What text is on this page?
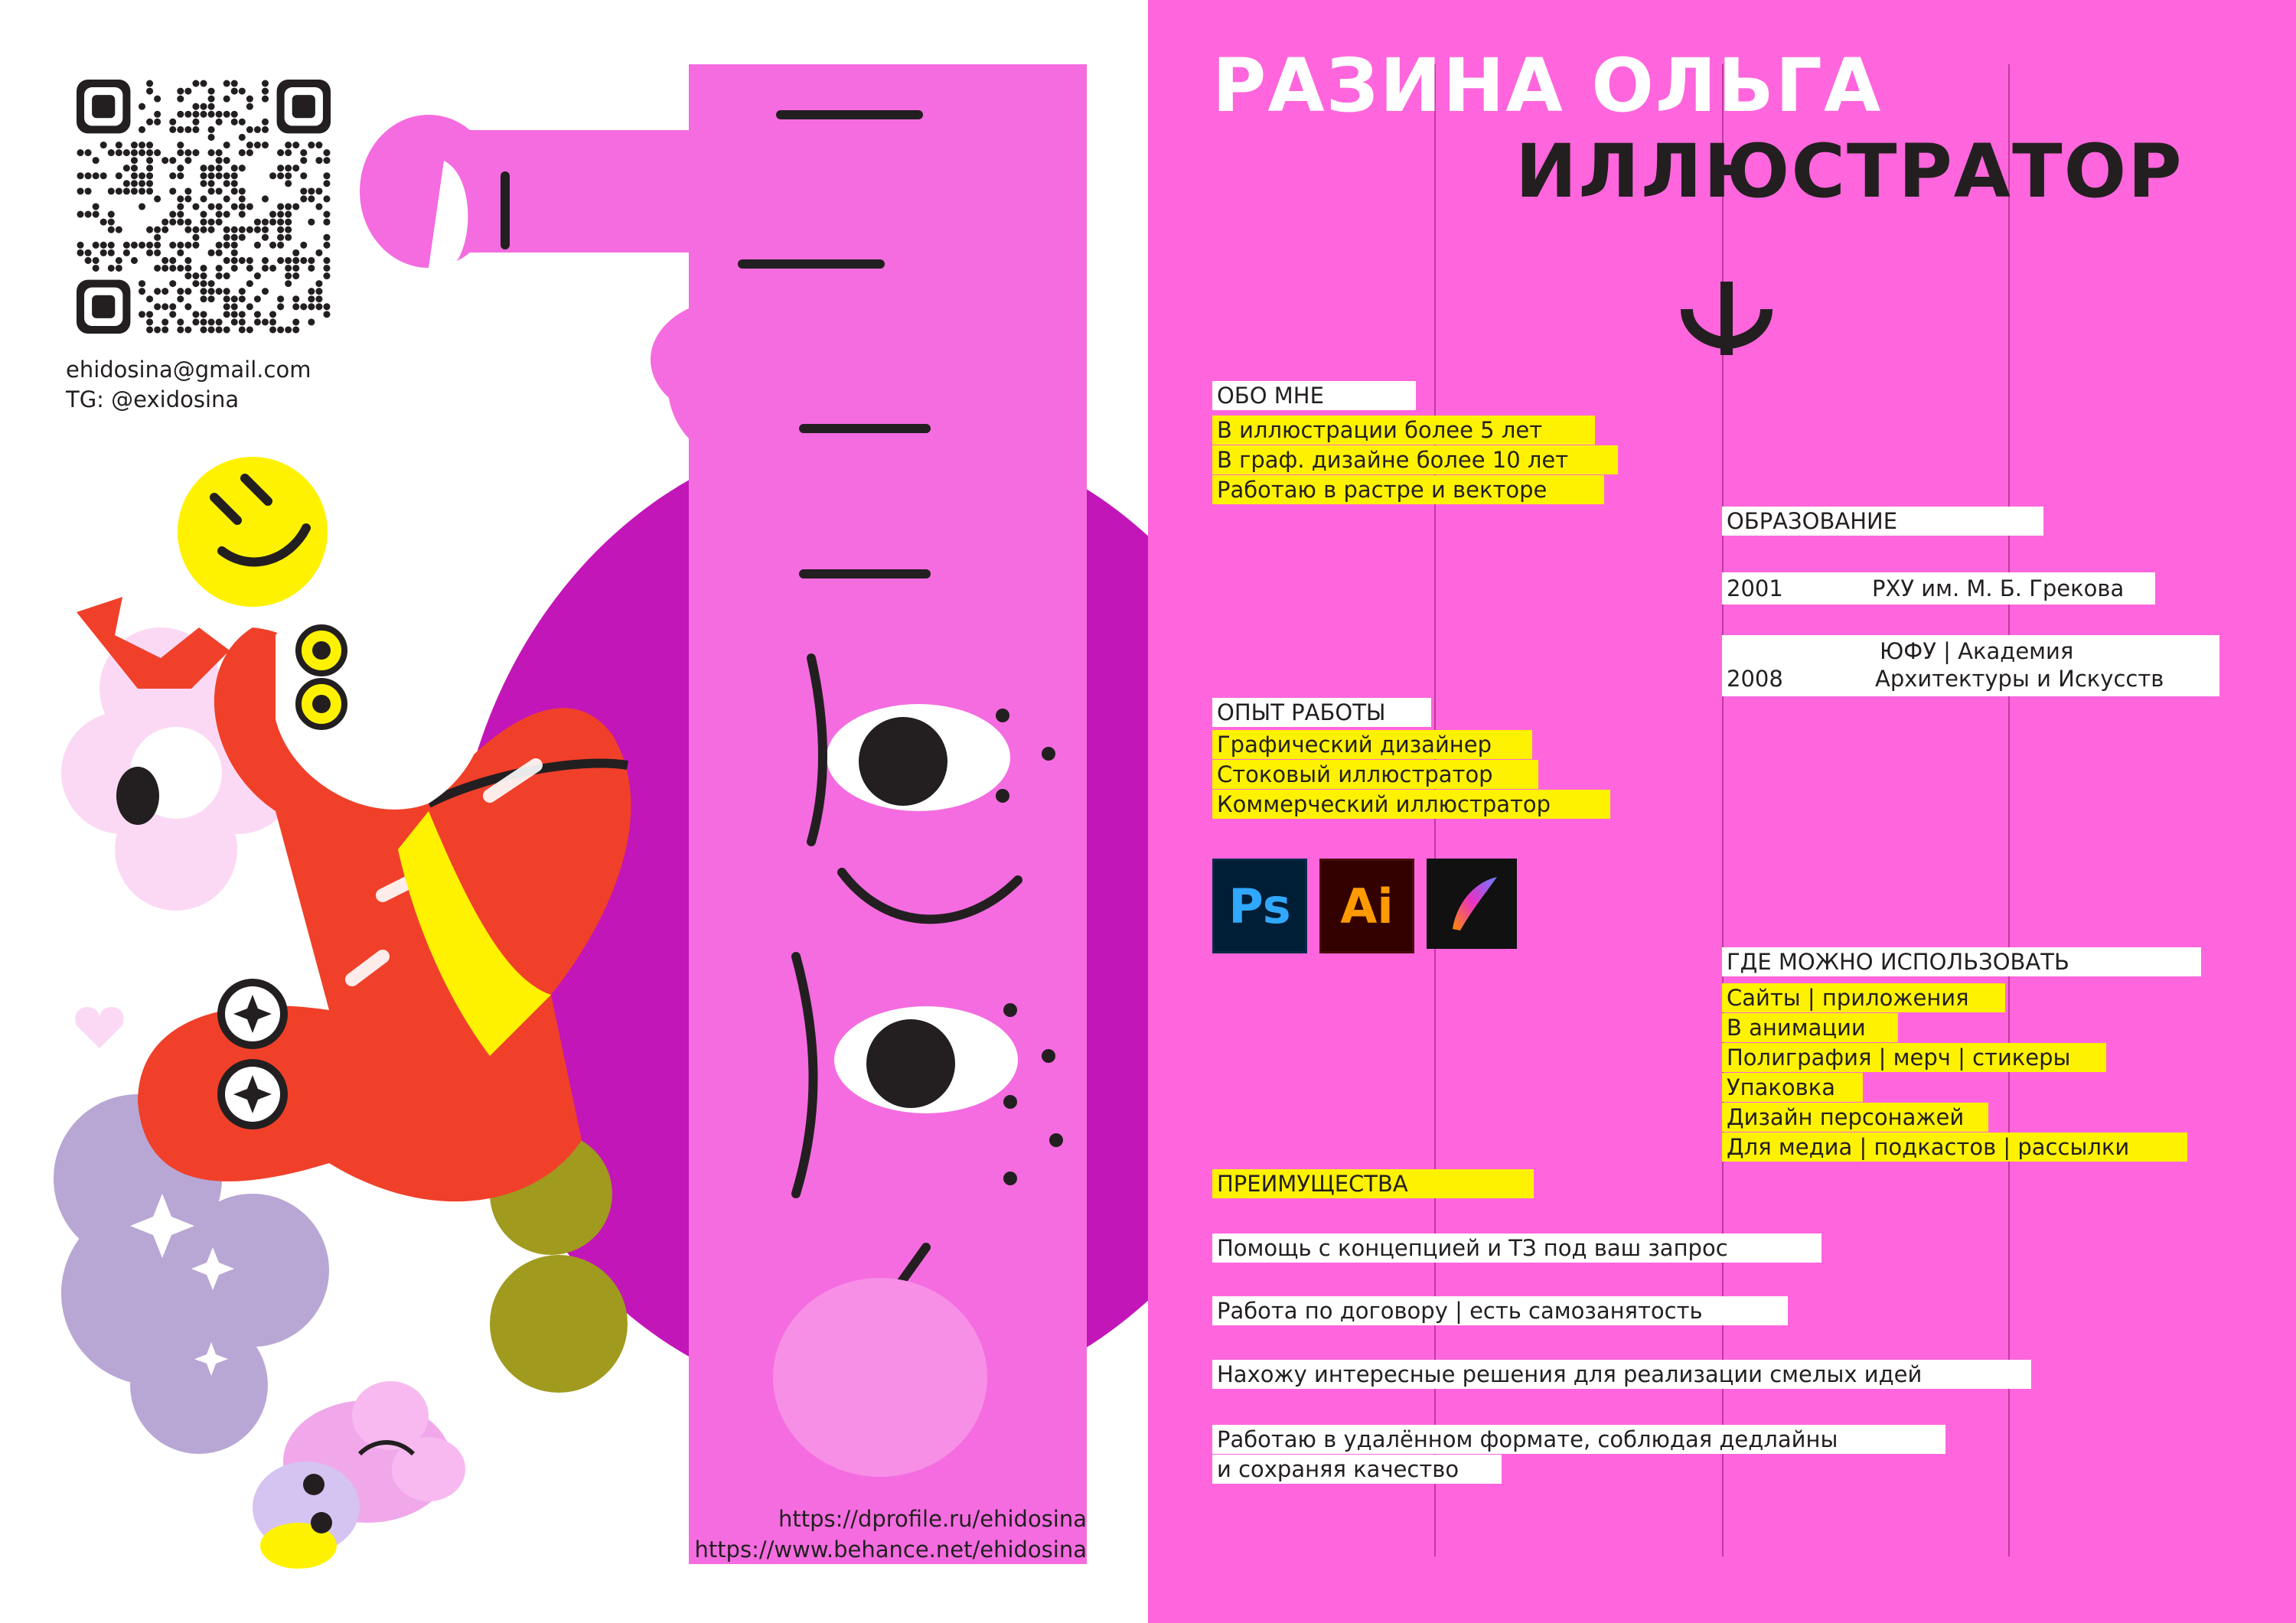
ehidosina@gmail.com
TG: @exidosina
https://dprofile.ru/ehidosina
https://www.behance.net/ehidosina
РАЗИНА ОЛЬГА
ИЛЛЮСТРАТОР
ОБО МНЕ
В иллюстрации более 5 лет
В граф. дизайне более 10 лет
Работаю в растре и векторе
ОБРАЗОВАНИЕ
2001	РХУ им. М. Б. Грекова
2008
ЮФУ | Академия
Архитектуры и Искусств
ОПЫТ РАБОТЫ
Графический дизайнер
Стоковый иллюстратор
Коммерческий иллюстратор
Ps	Ai
ГДЕ МОЖНО ИСПОЛЬЗОВАТЬ
Сайты | приложения
В анимации
Полиграфия | мерч | стикеры
Упаковка
Дизайн персонажей
Для медиа | подкастов | рассылки
ПРЕИМУЩЕСТВА
Помощь с концепцией и ТЗ под ваш запрос
Работа по договору | есть самозанятость
Нахожу интересные решения для реализации смелых идей
Работаю в удалённом формате, соблюдая дедлайны
и сохраняя качество
